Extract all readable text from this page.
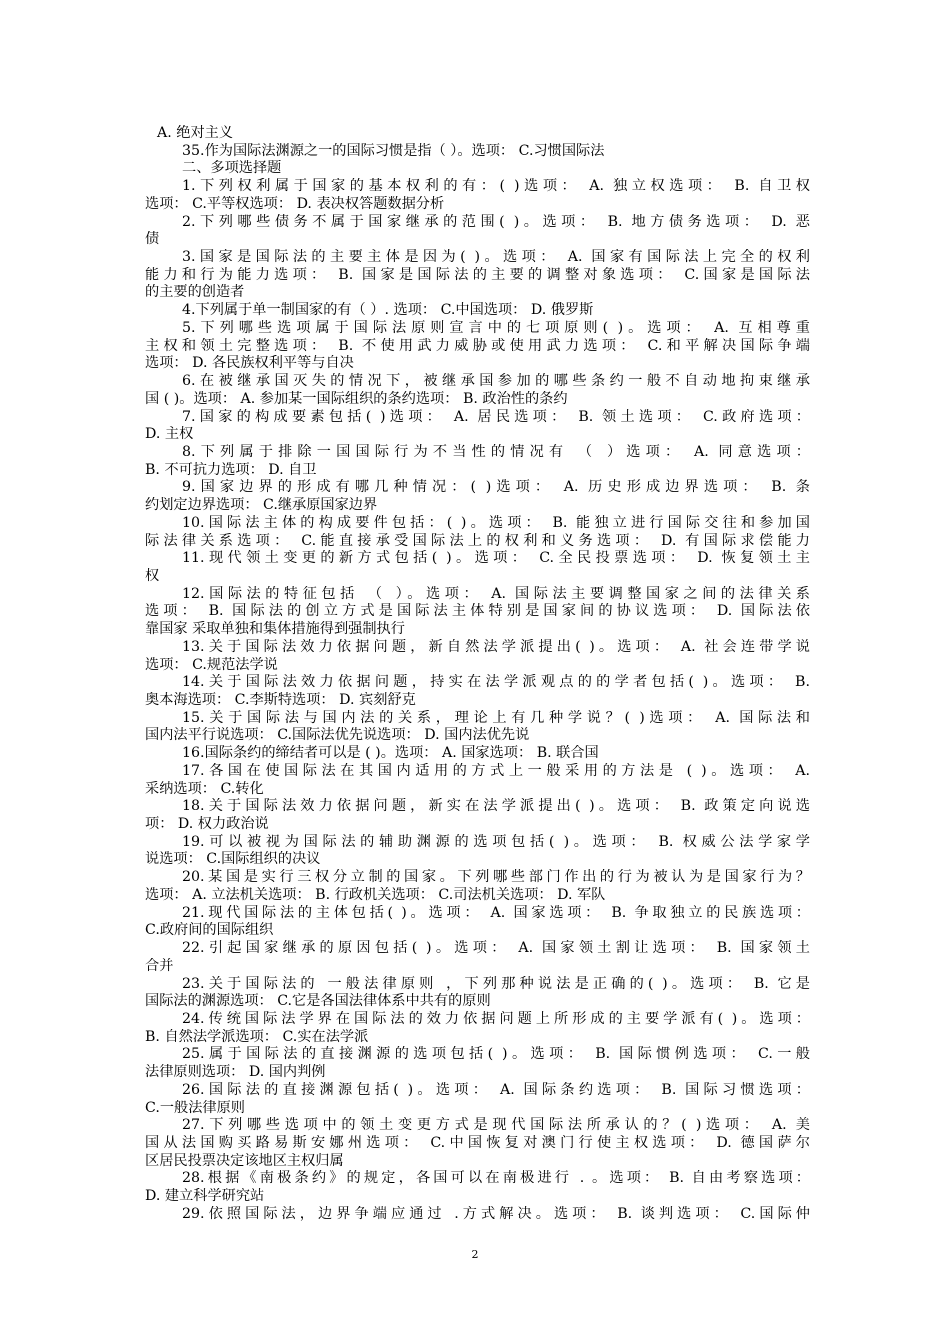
A. 绝对主义
35.作为国际法渊源之一的国际习惯是指（ ）。选项： C.习惯国际法
二、多项选择题
1.下列权利属于国家的基本权利的有：( )选项： A. 独立权选项： B. 自卫权
选项： C.平等权选项： D. 表决权答题数据分析
2.下列哪些债务不属于国家继承的范围( )。选项： B. 地方债务选项： D. 恶
债
3.国家是国际法的主要主体是因为( )。选项： A. 国家有国际法上完全的权利
能力和行为能力选项： B. 国家是国际法的主要的调整对象选项： C.国家是国际法
的主要的创造者
4.下列属于单一制国家的有（ ）. 选项： C.中国选项： D. 俄罗斯
5.下列哪些选项属于国际法原则宣言中的七项原则( )。选项： A. 互相尊重
主权和领土完整选项： B. 不使用武力威胁或使用武力选项： C.和平解决国际争端
选项： D. 各民族权利平等与自决
6.在被继承国灭失的情况下，被继承国参加的哪些条约一般不自动地拘束继承
国 ( )。选项： A. 参加某一国际组织的条约选项： B. 政治性的条约
7.国家的构成要素包括( )选项： A. 居民选项： B. 领土选项： C.政府选项：
D. 主权
8.下列属于排除一国国际行为不当性的情况有 （ ）选项： A. 同意选项：
B. 不可抗力选项： D. 自卫
9.国家边界的形成有哪几种情况：( )选项： A. 历史形成边界选项： B. 条
约划定边界选项： C.继承原国家边界
10.国际法主体的构成要件包括：( )。选项： B. 能独立进行国际交往和参加国
际法律关系选项： C.能直接承受国际法上的权利和义务选项： D. 有国际求偿能力
11.现代领土变更的新方式包括( )。选项： C.全民投票选项： D. 恢复领土主
权
12.国际法的特征包括 （ ）。选项： A. 国际法主要调整国家之间的法律关系
选项： B. 国际法的创立方式是国际法主体特别是国家间的协议选项： D. 国际法依
靠国家 采取单独和集体措施得到强制执行
13.关于国际法效力依据问题，新自然法学派提出( )。选项： A. 社会连带学说
选项： C.规范法学说
14.关于国际法效力依据问题，持实在法学派观点的的学者包括( )。选项： B.
奥本海选项： C.李斯特选项： D. 宾刻舒克
15.关于国际法与国内法的关系，理论上有几种学说？( )选项： A. 国际法和
国内法平行说选项： C.国际法优先说选项： D. 国内法优先说
16.国际条约的缔结者可以是 ( )。选项： A. 国家选项： B. 联合国
17.各国在使国际法在其国内适用的方式上一般采用的方法是 ( )。选项： A.
采纳选项： C.转化
18.关于国际法效力依据问题，新实在法学派提出( )。选项： B. 政策定向说选
项： D. 权力政治说
19.可以被视为国际法的辅助渊源的选项包括( )。选项： B. 权威公法学家学
说选项： C.国际组织的决议
20.某国是实行三权分立制的国家。下列哪些部门作出的行为被认为是国家行为？
选项： A. 立法机关选项： B. 行政机关选项： C.司法机关选项： D. 军队
21.现代国际法的主体包括( )。选项： A. 国家选项： B. 争取独立的民族选项：
C.政府间的国际组织
22.引起国家继承的原因包括( )。选项： A. 国家领土割让选项： B. 国家领土
合并
23.关于国际法的 一般法律原则 ，下列那种说法是正确的( )。选项： B. 它是
国际法的渊源选项： C.它是各国法律体系中共有的原则
24.传统国际法学界在国际法的效力依据问题上所形成的主要学派有( )。选项：
B. 自然法学派选项： C.实在法学派
25.属于国际法的直接渊源的选项包括( )。选项： B. 国际惯例选项： C.一般
法律原则选项： D. 国内判例
26.国际法的直接渊源包括( )。选项： A. 国际条约选项： B. 国际习惯选项：
C.一般法律原则
27.下列哪些选项中的领土变更方式是现代国际法所承认的？( )选项： A. 美
国从法国购买路易斯安娜州选项： C.中国恢复对澳门行使主权选项： D. 德国萨尔
区居民投票决定该地区主权归属
28.根据《南极条约》的规定，各国可以在南极进行 . 。选项： B. 自由考察选项：
D. 建立科学研究站
29.依照国际法，边界争端应通过 .方式解决。选项： B. 谈判选项： C.国际仲
2
